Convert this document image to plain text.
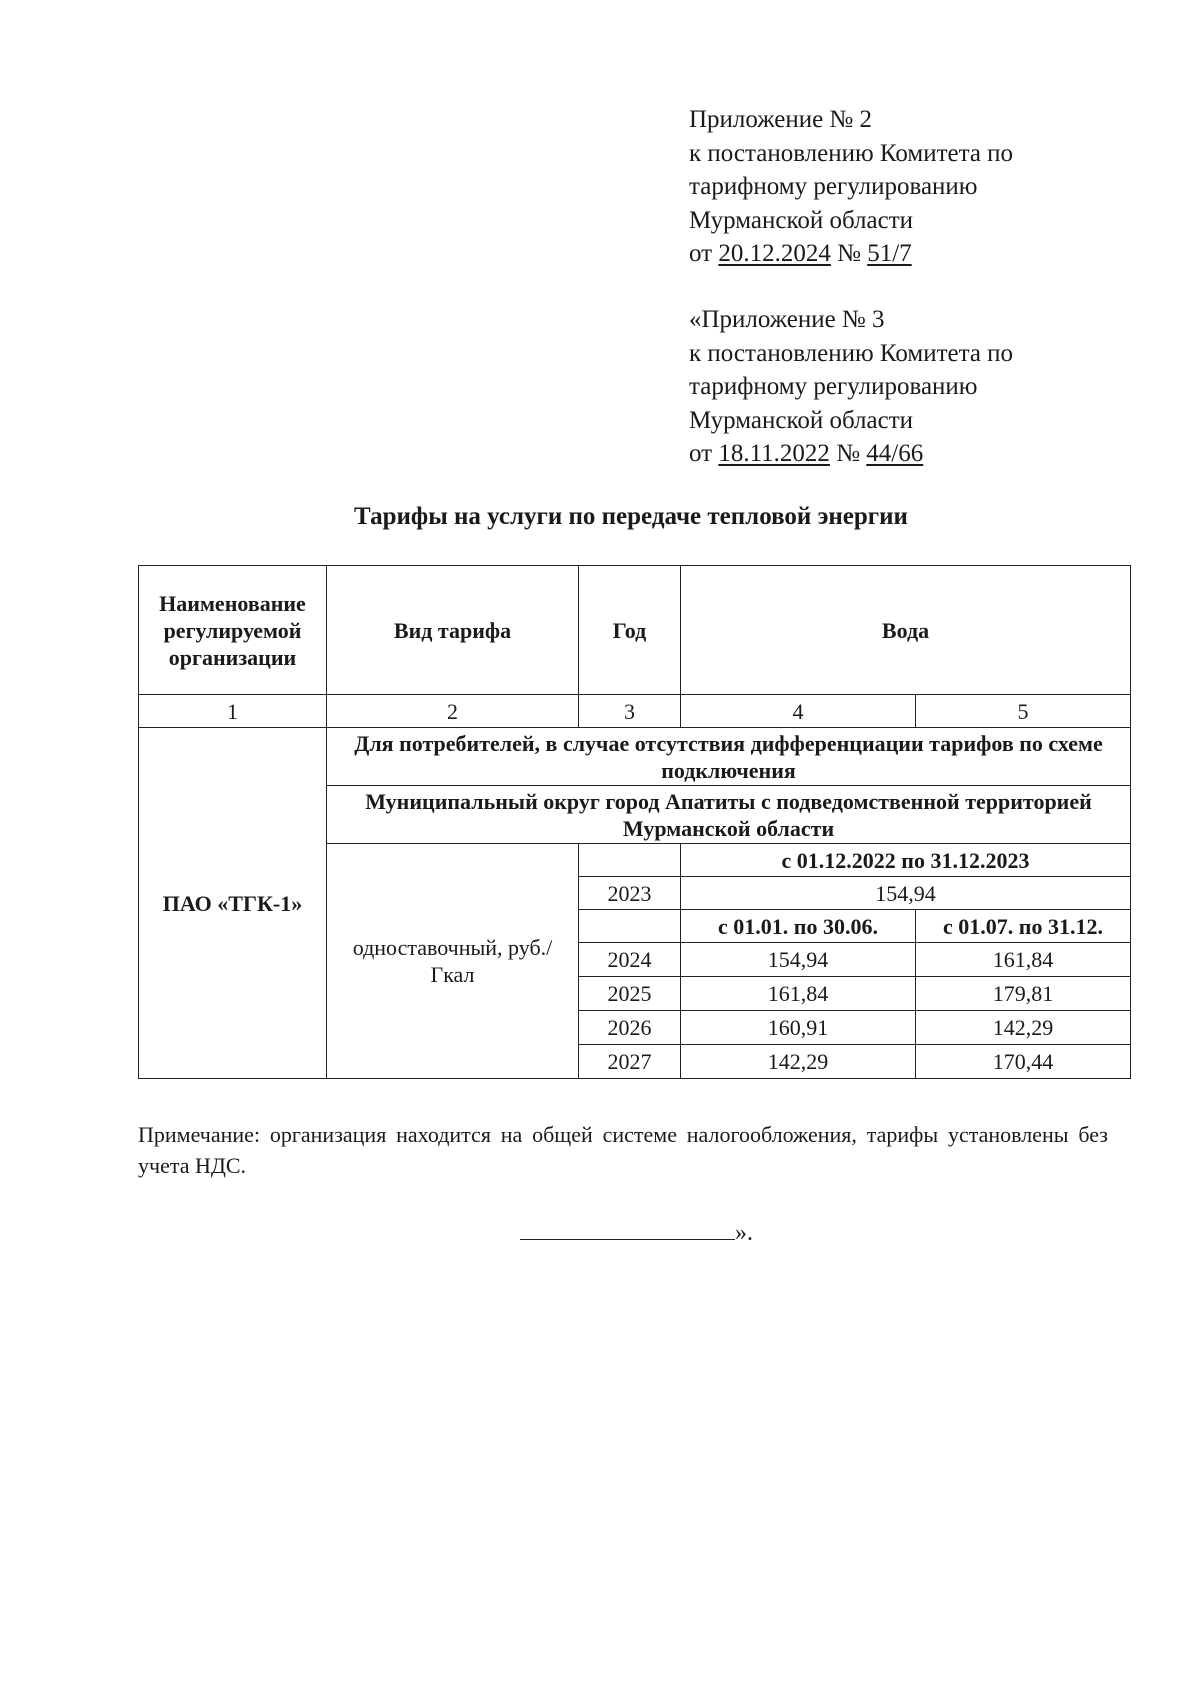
Приложение № 2
к постановлению Комитета по
тарифному регулированию
Мурманской области
от 20.12.2024 № 51/7
«Приложение № 3
к постановлению Комитета по
тарифному регулированию
Мурманской области
от 18.11.2022 № 44/66
Тарифы на услуги по передаче тепловой энергии
Наименование регулируемой организации	Вид тарифа	Год	Вода	
1	2	3	4	5
ПАО «ТГК-1»	Для потребителей, в случае отсутствия дифференциации тарифов по схеме подключения			
	Муниципальный округ город Апатиты с подведомственной территорией Мурманской области			
	одноставочный, руб./Гкал		с 01.12.2022 по 31.12.2023	
		2023	154,94	
			с 01.01. по 30.06.	с 01.07. по 31.12.
		2024	154,94	161,84
		2025	161,84	179,81
		2026	160,91	142,29
		2027	142,29	170,44
Примечание: организация находится на общей системе налогообложения, тарифы установлены без учета НДС.
».
